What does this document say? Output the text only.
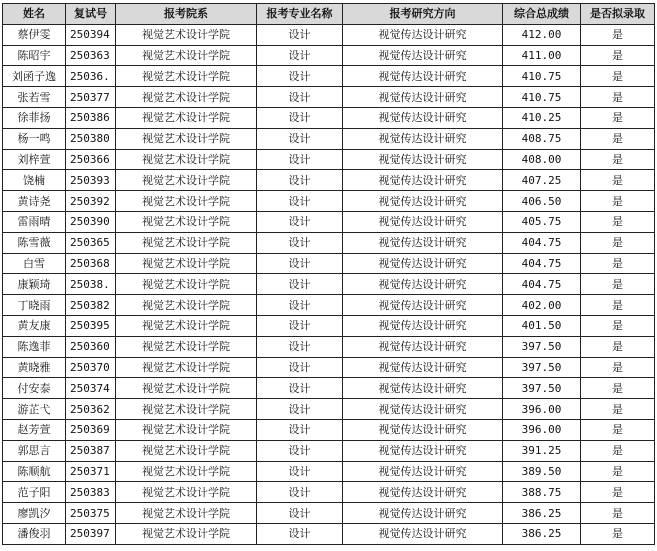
姓名	复试号	报考院系	报考专业名称	报考研究方向	综合总成绩	是否拟录取
蔡伊雯	250394	视觉艺术设计学院	设计	视觉传达设计研究	412.00	是
陈昭宇	250363	视觉艺术设计学院	设计	视觉传达设计研究	411.00	是
刘函子逸	25036.	视觉艺术设计学院	设计	视觉传达设计研究	410.75	是
张若雪	250377	视觉艺术设计学院	设计	视觉传达设计研究	410.75	是
徐菲扬	250386	视觉艺术设计学院	设计	视觉传达设计研究	410.25	是
杨一鸣	250380	视觉艺术设计学院	设计	视觉传达设计研究	408.75	是
刘梓萱	250366	视觉艺术设计学院	设计	视觉传达设计研究	408.00	是
饶楠	250393	视觉艺术设计学院	设计	视觉传达设计研究	407.25	是
黄诗尧	250392	视觉艺术设计学院	设计	视觉传达设计研究	406.50	是
雷雨晴	250390	视觉艺术设计学院	设计	视觉传达设计研究	405.75	是
陈雪薇	250365	视觉艺术设计学院	设计	视觉传达设计研究	404.75	是
白雪	250368	视觉艺术设计学院	设计	视觉传达设计研究	404.75	是
康颖琦	25038.	视觉艺术设计学院	设计	视觉传达设计研究	404.75	是
丁晓雨	250382	视觉艺术设计学院	设计	视觉传达设计研究	402.00	是
黄友康	250395	视觉艺术设计学院	设计	视觉传达设计研究	401.50	是
陈逸菲	250360	视觉艺术设计学院	设计	视觉传达设计研究	397.50	是
黄晓雅	250370	视觉艺术设计学院	设计	视觉传达设计研究	397.50	是
付安泰	250374	视觉艺术设计学院	设计	视觉传达设计研究	397.50	是
游芷弋	250362	视觉艺术设计学院	设计	视觉传达设计研究	396.00	是
赵芳萱	250369	视觉艺术设计学院	设计	视觉传达设计研究	396.00	是
郭思言	250387	视觉艺术设计学院	设计	视觉传达设计研究	391.25	是
陈顺航	250371	视觉艺术设计学院	设计	视觉传达设计研究	389.50	是
范子阳	250383	视觉艺术设计学院	设计	视觉传达设计研究	388.75	是
廖凯汐	250375	视觉艺术设计学院	设计	视觉传达设计研究	386.25	是
潘俊羽	250397	视觉艺术设计学院	设计	视觉传达设计研究	386.25	是
